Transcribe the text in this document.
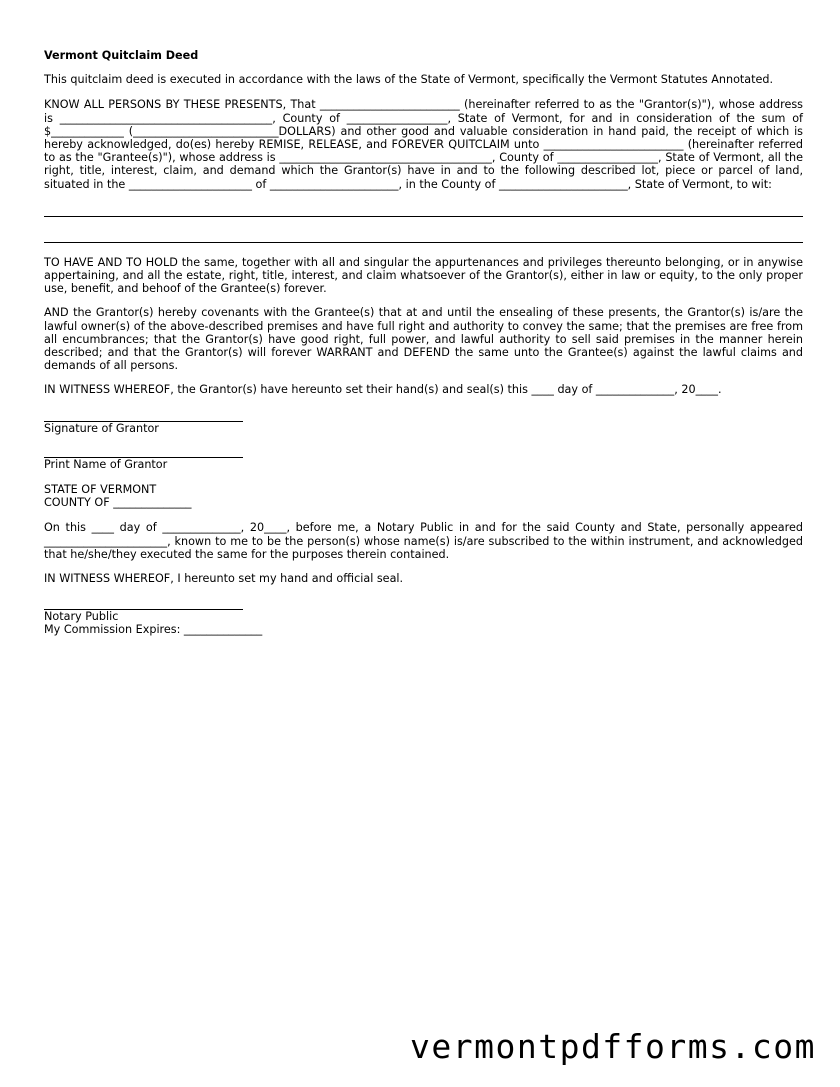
Vermont Quitclaim Deed

This quitclaim deed is executed in accordance with the laws of the State of Vermont, specifically the Vermont Statutes Annotated.

KNOW ALL PERSONS BY THESE PRESENTS, That _________________________ (hereinafter referred to as the "Grantor(s)"), whose address is ______________________________________, County of __________________, State of Vermont, for and in consideration of the sum of $_____________ (__________________________DOLLARS) and other good and valuable consideration in hand paid, the receipt of which is hereby acknowledged, do(es) hereby REMISE, RELEASE, and FOREVER QUITCLAIM unto _________________________ (hereinafter referred to as the "Grantee(s)"), whose address is ______________________________________, County of __________________, State of Vermont, all the right, title, interest, claim, and demand which the Grantor(s) have in and to the following described lot, piece or parcel of land, situated in the ______________________ of _______________________, in the County of _______________________, State of Vermont, to wit:

TO HAVE AND TO HOLD the same, together with all and singular the appurtenances and privileges thereunto belonging, or in anywise appertaining, and all the estate, right, title, interest, and claim whatsoever of the Grantor(s), either in law or equity, to the only proper use, benefit, and behoof of the Grantee(s) forever.

AND the Grantor(s) hereby covenants with the Grantee(s) that at and until the ensealing of these presents, the Grantor(s) is/are the lawful owner(s) of the above-described premises and have full right and authority to convey the same; that the premises are free from all encumbrances; that the Grantor(s) have good right, full power, and lawful authority to sell said premises in the manner herein described; and that the Grantor(s) will forever WARRANT and DEFEND the same unto the Grantee(s) against the lawful claims and demands of all persons.

IN WITNESS WHEREOF, the Grantor(s) have hereunto set their hand(s) and seal(s) this ____ day of ______________, 20____.

Signature of Grantor

Print Name of Grantor

STATE OF VERMONT

COUNTY OF ______________

On this ____ day of ______________, 20____, before me, a Notary Public in and for the said County and State, personally appeared ______________________, known to me to be the person(s) whose name(s) is/are subscribed to the within instrument, and acknowledged that he/she/they executed the same for the purposes therein contained.

IN WITNESS WHEREOF, I hereunto set my hand and official seal.

Notary Public

My Commission Expires: ______________

vermontpdfforms.com
